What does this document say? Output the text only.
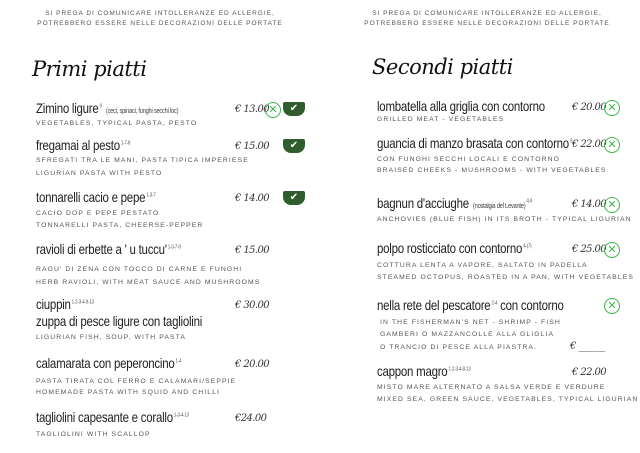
SI PREGA DI COMUNICARE INTOLLERANZE ED ALLERGIE,
POTREBBERO ESSERE NELLE DECORAZIONI DELLE PORTATE
SI PREGA DI COMUNICARE INTOLLERANZE ED ALLERGIE,
POTREBBERO ESSERE NELLE DECORAZIONI DELLE PORTATE
Primi piatti	Secondi piatti
Zimino ligure $^9$(ceci, spinaci, funghi secchi loc)	€ 13.00 ✕	✔
VEGETABLES, TYPICAL PASTA, PESTO
fregamai al pesto $^{1-7-8}$	€ 15.00	✔
SFREGATI TRA LE MANI, PASTA TIPICA IMPERIESE
LIGURIAN PASTA WITH PESTO
tonnarelli cacio e pepe $^{1-3-7}$	€ 14.00	✔
CACIO DOP E PEPE PESTATO
TONNARELLI PASTA, CHEERSE-PEPPER
ravioli di erbette a ' u tuccu' $^{1-3-7-9}$	€ 15.00
RAGU' DI ZENA CON TOCCO DI CARNE E FUNGHI
HERB RAVIOLI, WITH MEAT SAUCE AND MUSHROOMS
ciuppin $^{1-2-3-4-9-13}$
zuppa di pesce ligure con tagliolini
€ 30.00
LIGURIAN FISH, SOUP, WITH PASTA
calamarata con peperoncino $^{1-4}$	€ 20.00
PASTA TIRATA COL FERRO E CALAMARI/SEPPIE
HOMEMADE PASTA WITH SQUID AND CHILLI
tagliolini capesante e corallo $^{1-3-4-13}$	€24.00
TAGLIOLINI WITH SCALLOP
lombatella alla griglia con contorno	€ 20.00 ✕
GRILLED MEAT - VEGETABLES
guancia di manzo brasata con contorno $^9$ € 22.00 ✕
CON FUNGHI SECCHI LOCALI E CONTORNO
BRAISED CHEEKS - MUSHROOMS - WITH VEGETABLES
bagnun d'acciughe (nostalgia del Levante) $^{4-9}$	€ 14.00 ✕
ANCHOVIES (BLUE FISH) IN ITS BROTH - TYPICAL LIGURIAN
polpo rosticciato con contorno $^{4-(7)}$	€ 25.00 ✕
COTTURA LENTA A VAPORE, SALTATO IN PADELLA
STEAMED OCTOPUS, ROASTED IN A PAN, WITH VEGETABLES
nella rete del pescatore $^{2-4}$ con contorno
€ ______
✕
IN THE FISHERMAN'S NET - SHRIMP - FISH
GAMBERI O MAZZANCOLLE ALLA GLIGLIA
O TRANCIO DI PESCE ALLA PIASTRA.
cappon magro $^{1-2-3-4-8-13}$	€ 22.00
MISTO MARE ALTERNATO A SALSA VERDE E VERDURE
MIXED SEA, GREEN SAUCE, VEGETABLES, TYPICAL LIGURIAN
